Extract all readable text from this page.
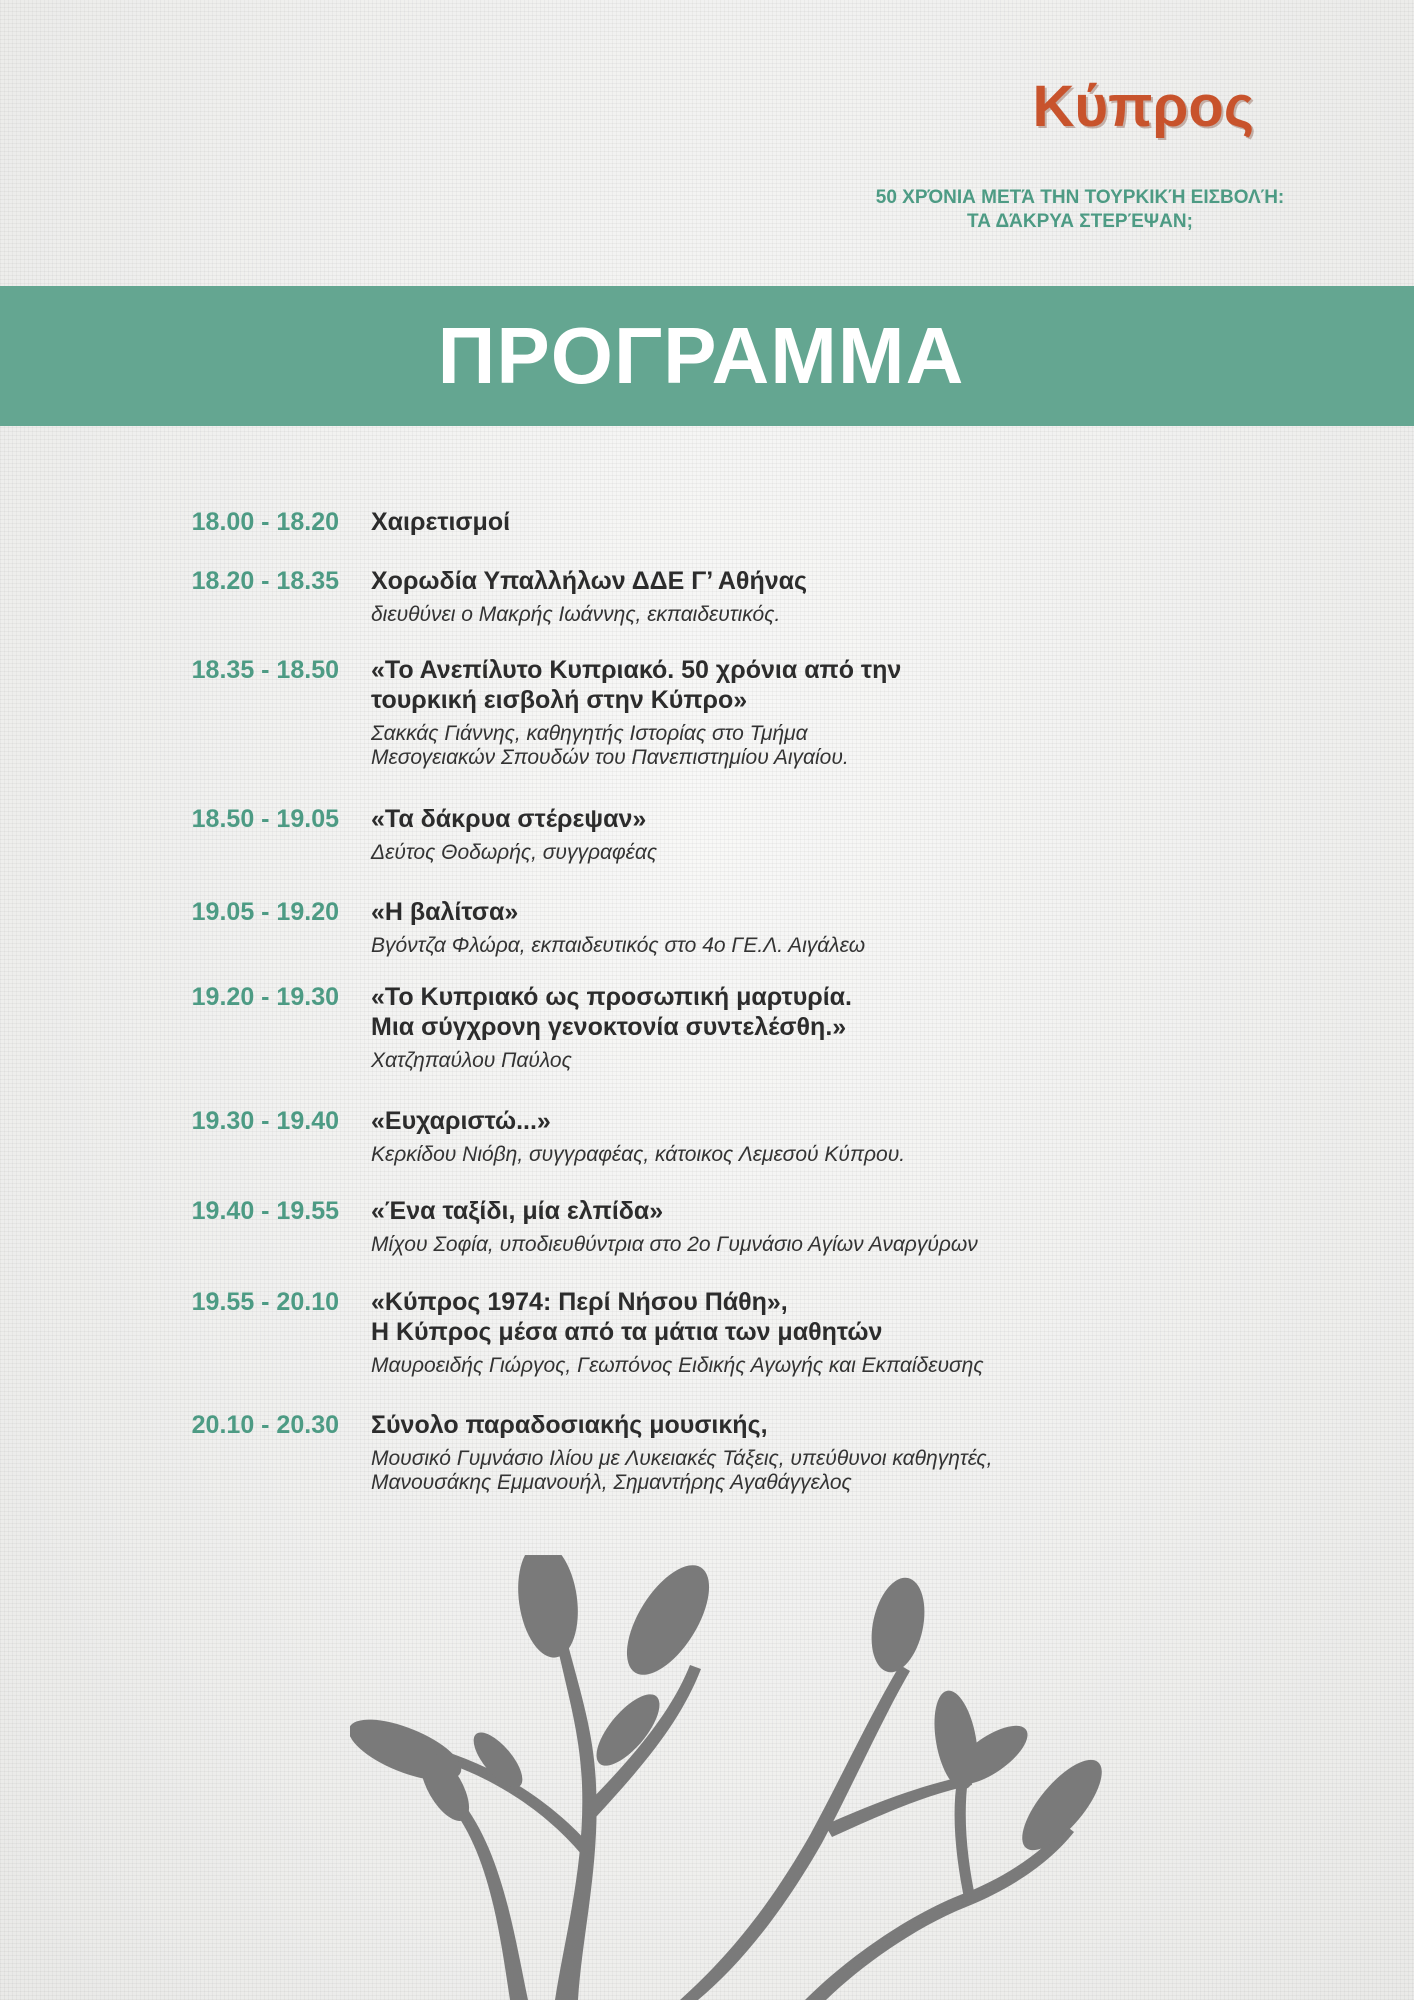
Κύπρος
50 ΧΡΌΝΙΑ ΜΕΤΆ ΤΗΝ ΤΟΥΡΚΙΚΉ ΕΙΣΒΟΛΉ:
ΤΑ ΔΆΚΡΥΑ ΣΤΕΡΈΨΑΝ;
ΠΡΟΓΡΑΜΜΑ
18.00 - 18.20 Χαιρετισμοί
18.20 - 18.35 Χορωδία Υπαλλήλων ΔΔΕ Γ’ Αθήνας
διευθύνει ο Μακρής Ιωάννης, εκπαιδευτικός.
18.35 - 18.50 «Το Ανεπίλυτο Κυπριακό. 50 χρόνια από την
τουρκική εισβολή στην Κύπρο»
Σακκάς Γιάννης, καθηγητής Ιστορίας στο Τμήμα
Μεσογειακών Σπουδών του Πανεπιστημίου Αιγαίου.
18.50 - 19.05 «Τα δάκρυα στέρεψαν»
Δεύτος Θοδωρής, συγγραφέας
19.05 - 19.20 «Η βαλίτσα»
Βγόντζα Φλώρα, εκπαιδευτικός στο 4ο ΓΕ.Λ. Αιγάλεω
19.20 - 19.30 «Το Κυπριακό ως προσωπική μαρτυρία.
Μια σύγχρονη γενοκτονία συντελέσθη.»
Χατζηπαύλου Παύλος
19.30 - 19.40 «Ευχαριστώ...»
Κερκίδου Νιόβη, συγγραφέας, κάτοικος Λεμεσού Κύπρου.
19.40 - 19.55 «Ένα ταξίδι, μία ελπίδα»
Μίχου Σοφία, υποδιευθύντρια στο 2ο Γυμνάσιο Αγίων Αναργύρων
19.55 - 20.10 «Κύπρος 1974: Περί Νήσου Πάθη»,
Η Κύπρος μέσα από τα μάτια των μαθητών
Μαυροειδής Γιώργος, Γεωπόνος Ειδικής Αγωγής και Εκπαίδευσης
20.10 - 20.30 Σύνολο παραδοσιακής μουσικής,
Μουσικό Γυμνάσιο Ιλίου με Λυκειακές Τάξεις, υπεύθυνοι καθηγητές,
Μανουσάκης Εμμανουήλ, Σημαντήρης Αγαθάγγελος
